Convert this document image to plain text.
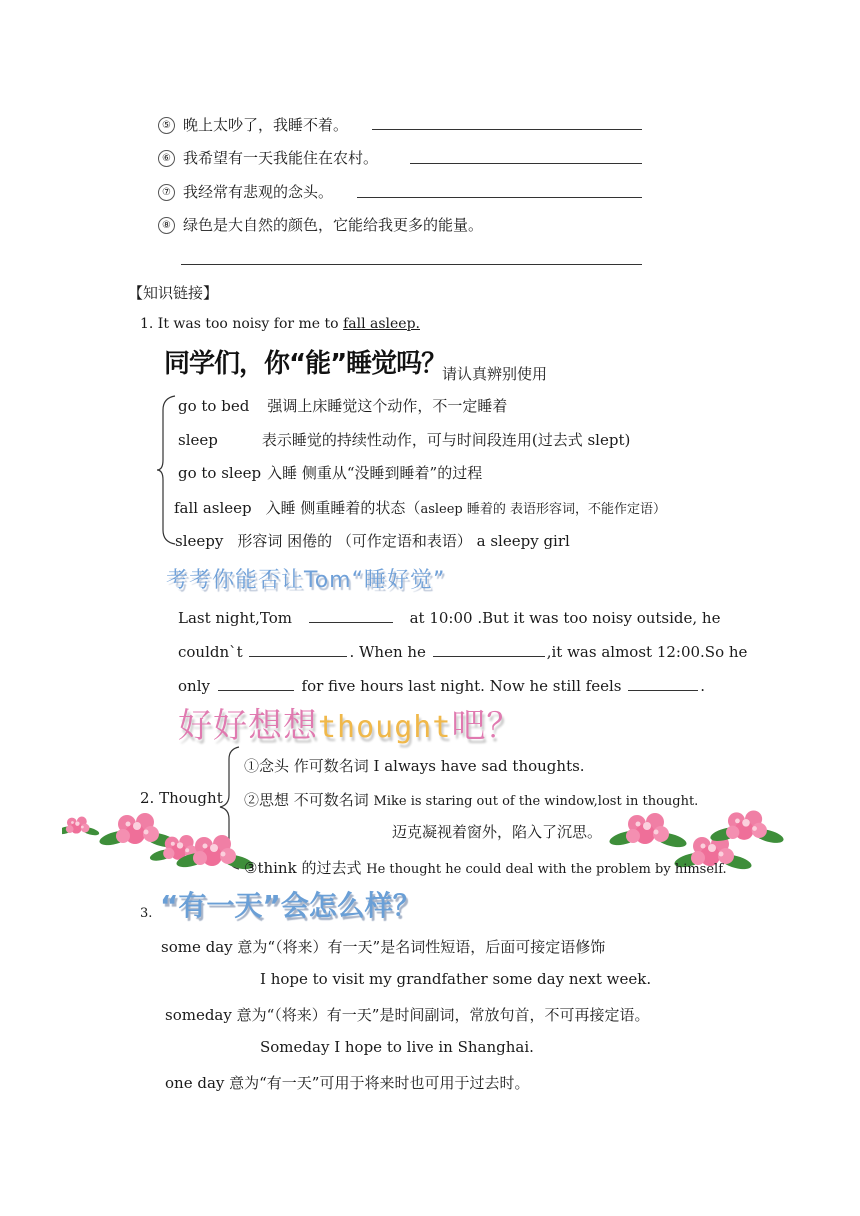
⑤ 晚上太吵了，我睡不着。
⑥ 我希望有一天我能住在农村。
⑦ 我经常有悲观的念头。
⑧ 绿色是大自然的颜色，它能给我更多的能量。
【知识链接】
1. It was too noisy for me to fall asleep.
同学们，你“能”睡觉吗？
请认真辨别使用
go to bed 强调上床睡觉这个动作，不一定睡着
sleep	表示睡觉的持续性动作，可与时间段连用(过去式 slept)
go to sleep 入睡 侧重从“没睡到睡着”的过程
fall asleep 入睡 侧重睡着的状态（asleep 睡着的 表语形容词，不能作定语）
sleepy 形容词 困倦的 （可作定语和表语） a sleepy girl
考考你能否让Tom“睡好觉”
Last night,Tom	at 10:00 .But it was too noisy outside, he
couldn`t	. When he	,it was almost 12:00.So he
only	for five hours last night. Now he still feels	.
好好想想thought吧？
①念头 作可数名词 I always have sad thoughts.
2. Thought ②思想 不可数名词 Mike is staring out of the window,lost in thought.
迈克凝视着窗外，陷入了沉思。
③think 的过去式 He thought he could deal with the problem by himself.
“有一天”会怎么样？
3.
some day 意为“（将来）有一天”是名词性短语，后面可接定语修饰
I hope to visit my grandfather some day next week.
someday 意为“（将来）有一天”是时间副词，常放句首，不可再接定语。
Someday I hope to live in Shanghai.
one day 意为“有一天”可用于将来时也可用于过去时。
